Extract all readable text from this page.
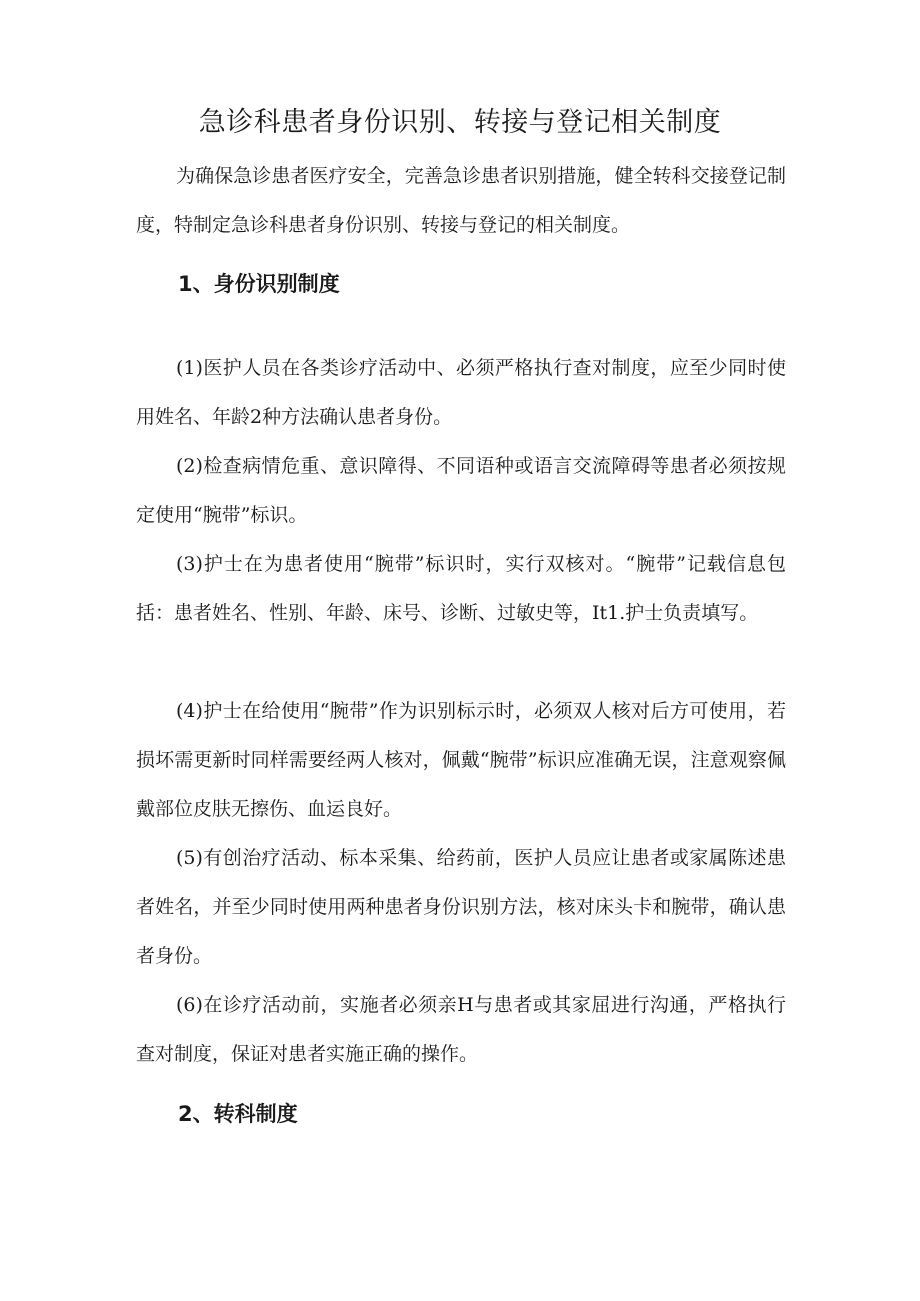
急诊科患者身份识别、转接与登记相关制度

为确保急诊患者医疗安全，完善急诊患者识别措施，健全转科交接登记制度，特制定急诊科患者身份识别、转接与登记的相关制度。

1、身份识别制度

(1)医护人员在各类诊疗活动中、必须严格执行查对制度，应至少同时使用姓名、年龄2种方法确认患者身份。

(2)检查病情危重、意识障得、不同语种或语言交流障碍等患者必须按规定使用“腕带”标识。

(3)护士在为患者使用“腕带”标识时，实行双核对。“腕带”记载信息包括：患者姓名、性别、年龄、床号、诊断、过敏史等，It1.护士负责填写。

(4)护士在给使用“腕带”作为识别标示时，必须双人核对后方可使用，若损坏需更新时同样需要经两人核对，佩戴“腕带”标识应准确无误，注意观察佩戴部位皮肤无擦伤、血运良好。

(5)有创治疗活动、标本采集、给药前，医护人员应让患者或家属陈述患者姓名，并至少同时使用两种患者身份识别方法，核对床头卡和腕带，确认患者身份。

(6)在诊疗活动前，实施者必须亲H与患者或其家屈进行沟通，严格执行查对制度，保证对患者实施正确的操作。

2、转科制度
